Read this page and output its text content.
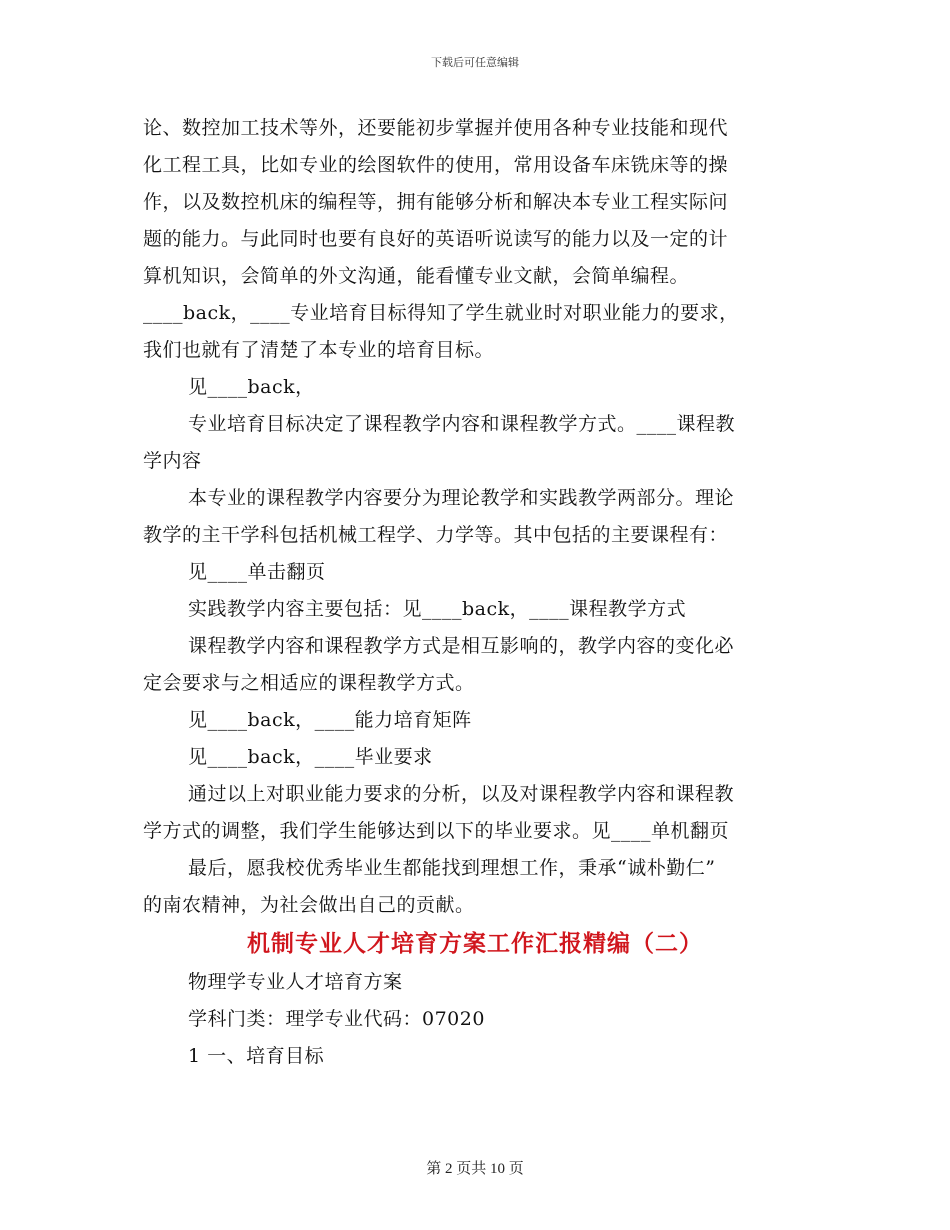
下载后可任意编辑

论、数控加工技术等外，还要能初步掌握并使用各种专业技能和现代
化工程工具，比如专业的绘图软件的使用，常用设备车床铣床等的操
作，以及数控机床的编程等，拥有能够分析和解决本专业工程实际问
题的能力。与此同时也要有良好的英语听说读写的能力以及一定的计
算机知识，会简单的外文沟通，能看懂专业文献，会简单编程。

____back，____专业培育目标得知了学生就业时对职业能力的要求，
我们也就有了清楚了本专业的培育目标。

见____back，

专业培育目标决定了课程教学内容和课程教学方式。____课程教
学内容

本专业的课程教学内容要分为理论教学和实践教学两部分。理论
教学的主干学科包括机械工程学、力学等。其中包括的主要课程有：

见____单击翻页

实践教学内容主要包括：见____back，____课程教学方式

课程教学内容和课程教学方式是相互影响的，教学内容的变化必
定会要求与之相适应的课程教学方式。

见____back，____能力培育矩阵

见____back，____毕业要求

通过以上对职业能力要求的分析，以及对课程教学内容和课程教
学方式的调整，我们学生能够达到以下的毕业要求。见____单机翻页

最后，愿我校优秀毕业生都能找到理想工作，秉承“诚朴勤仁”
的南农精神，为社会做出自己的贡献。

机制专业人才培育方案工作汇报精编（二）

物理学专业人才培育方案

学科门类：理学专业代码：07020

1 一、培育目标

第 2 页共 10 页
